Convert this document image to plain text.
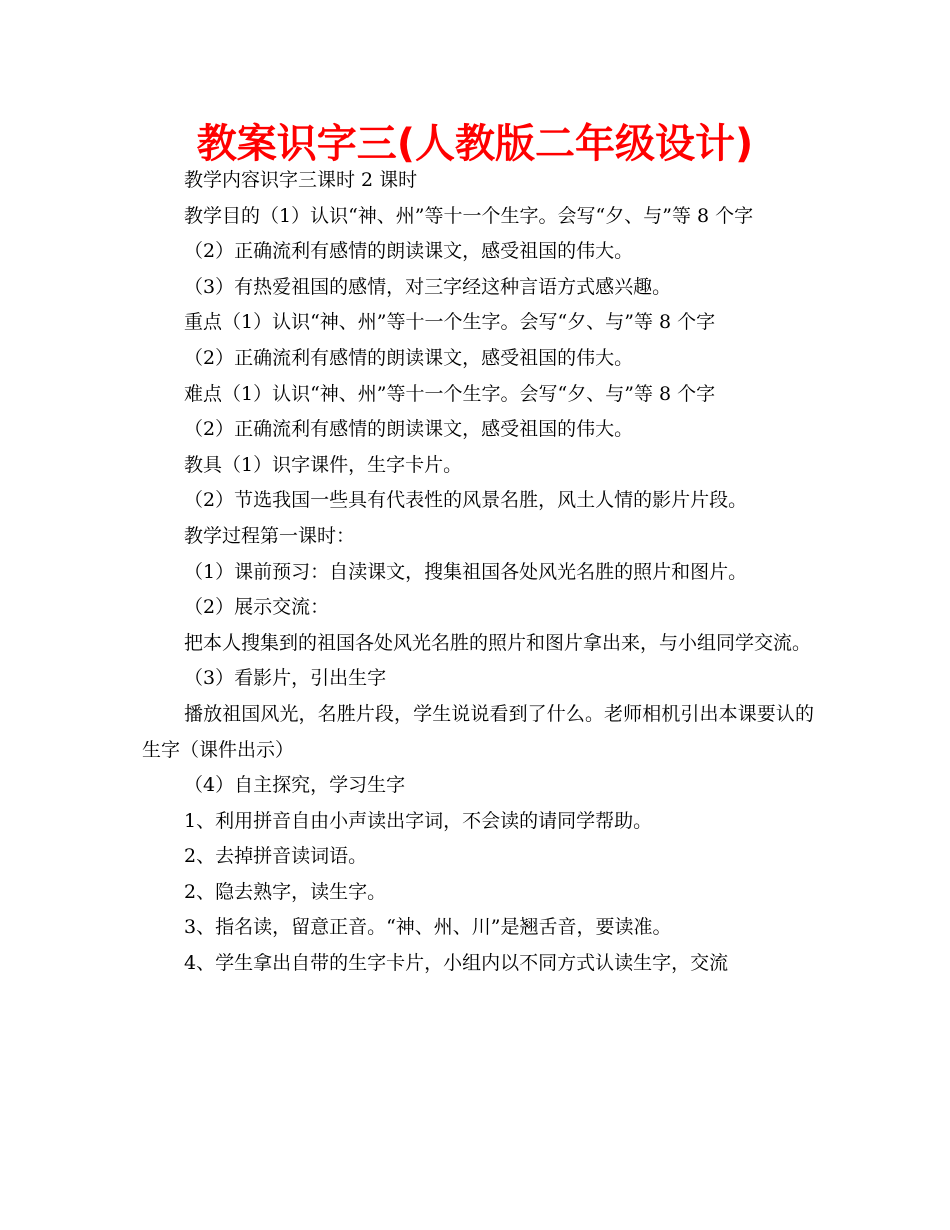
教案识字三(人教版二年级设计)

教学内容识字三课时 2 课时

教学目的（1）认识“神、州”等十一个生字。会写“夕、与”等 8 个字

（2）正确流利有感情的朗读课文，感受祖国的伟大。

（3）有热爱祖国的感情，对三字经这种言语方式感兴趣。

重点（1）认识“神、州”等十一个生字。会写“夕、与”等 8 个字

（2）正确流利有感情的朗读课文，感受祖国的伟大。

难点（1）认识“神、州”等十一个生字。会写“夕、与”等 8 个字

（2）正确流利有感情的朗读课文，感受祖国的伟大。

教具（1）识字课件，生字卡片。

（2）节选我国一些具有代表性的风景名胜，风土人情的影片片段。

教学过程第一课时：

（1）课前预习：自渎课文，搜集祖国各处风光名胜的照片和图片。

（2）展示交流：

把本人搜集到的祖国各处风光名胜的照片和图片拿出来，与小组同学交流。

（3）看影片，引出生字

播放祖国风光，名胜片段，学生说说看到了什么。老师相机引出本课要认的生字（课件出示）

（4）自主探究，学习生字

1、利用拼音自由小声读出字词，不会读的请同学帮助。

2、去掉拼音读词语。

2、隐去熟字，读生字。

3、指名读，留意正音。“神、州、川”是翘舌音，要读准。

4、学生拿出自带的生字卡片，小组内以不同方式认读生字，交流
